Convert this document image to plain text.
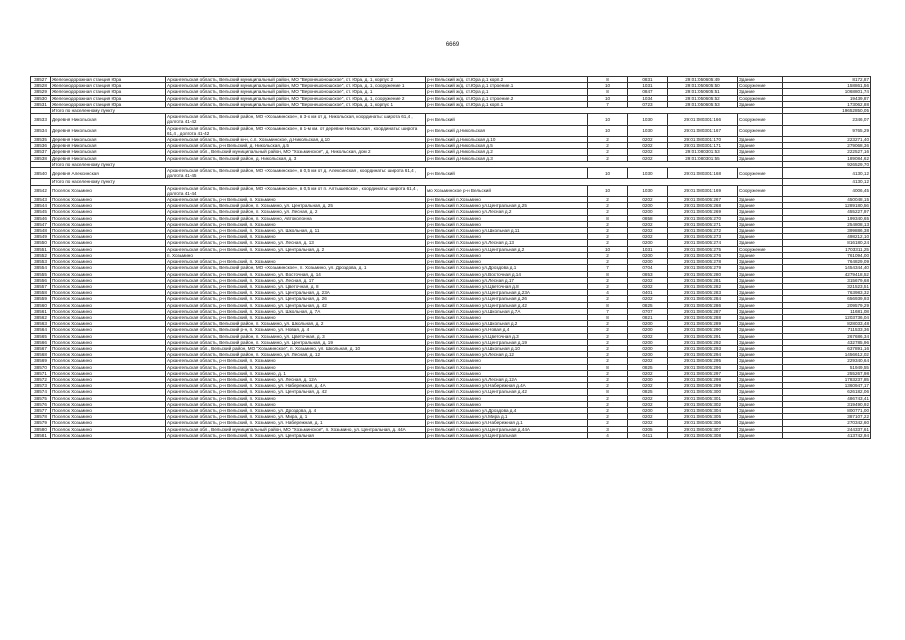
6669
38527	Железнодорожная станция Юра	Архангельская область, Вельский муниципальный район, МО "Верхнешоношское", ст. Юра, д. 1, корпус 2	р-н Вельский ж/д. ст.Юра д.1 корп.2	8	0831	29:01:050605:49	Здание	8172,87
38528	Железнодорожная станция Юра	Архангельская область, Вельский муниципальный район, МО "Верхнешоношское", ст. Юра, д. 1, сооружение 1	р-н Вельский ж/д. ст.Юра д.1 строение.1	10	1031	29:01:050605:50	Сооружение	158861,56
38529	Железнодорожная станция Юра	Архангельская область, Вельский муниципальный район, МО "Верхнешоношское", ст. Юра, д. 1	р-н Вельский ж/д. ст.Юра д.1	8	0847	29:01:050605:51	Здание	1068801,74
38530	Железнодорожная станция Юра	Архангельская область, Вельский муниципальный район, МО "Верхнешоношское", ст. Юра, д. 1, сооружение 2	р-н Вельский ж/д. ст.Юра д.1 строение.2	10	1034	29:01:050605:52	Сооружение	19439,87
38531	Железнодорожная станция Юра	Архангельская область, Вельский муниципальный район, МО "Верхнешоношское", ст. Юра, д. 1, корпус 1	р-н Вельский ж/д. ст.Юра д.1 корп.1	7	0723	29:01:050605:53	Здание	173062,88
	Итого по населенному пункту							19652850,05
38533	Деревня Никольская	Архангельская область, Вельский район, МО «Хозьминское», в 3-х км от д. Никольская, координаты: широта 61,4 , долгота 41-42	р-н Вельский	10	1030	29:01:080301:166	Сооружение	2346,07
38534	Деревня Никольская	Архангельская область, Вельский район, МО «Хозьминское», в 1-м км. от деревни Никольская , координаты: широта 61,4 , долгота 41-42	р-н Вельский д.Никольская	10	1030	29:01:080301:167	Сооружение	9765,29
38535	Деревня Никольская	Архангельская область, Вельский м-н, с.п. Хозьминское, д.Никольская, д.10	р-н Вельский д.Никольская д.10	2	0202	29:01:080301:170	Здание	223271,40
38536	Деревня Никольская	Архангельская область, р-н Вельский, д. Никольская, д.5	р-н Вельский д.Никольская д.5	2	0202	29:01:080301:171	Здание	279068,36
38537	Деревня Никольская	Архангельская обл., Вельский муниципальный район, МО "Хозьминское", д. Никольская, дом 2	р-н Вельский д.Никольская д.2	2	0202	29:01:080301:53	Здание	222527,16
38538	Деревня Никольская	Архангельская область, Вельский район, д. Никольская, д. 3	р-н Вельский д.Никольская д.3	2	0202	29:01:080301:55	Здание	189084,62
	Итого по населенному пункту							926529,70
38540	Деревня Алексинская	Архангельская область, Вельский район, МО «Хозьминское», в 0,5 км от д. Алексинская , координаты: широта 61,4 , долгота 41-45	р-н Вельский	10	1030	29:01:080301:168	Сооружение	4130,12
	Итого по населенному пункту							4130,12
38542	Поселок Хозьмино	Архангельская область, Вельский район, МО «Хозьминское», в 0,5 км от п. Алтышевское , координаты: широта 61,4 , долгота 41-44	мо Хозьминское р-н Вельский	10	1030	29:01:080301:169	Сооружение	4006,45
38543	Поселок Хозьмино	Архангельская область, р-н Вельский, п. Хозьмино	р-н Вельский п.Хозьмино	2	0202	29:01:080405:267	Здание	450048,15
38544	Поселок Хозьмино	Архангельская область, Вельский район, п. Хозьмино, ул. Центральная, д. 25	р-н Вельский п.Хозьмино ул.Центральная д.25	2	0200	29:01:080405:268	Здание	1289180,56
38545	Поселок Хозьмино	Архангельская область, Вельский район, п. Хозьмино, ул. Лесная, д. 2	р-н Вельский п.Хозьмино ул.Лесная д.2	2	0200	29:01:080405:269	Здание	455227,97
38546	Поселок Хозьмино	Архангельская область, Вельский район, п. Хозьмино, Автоколонна	р-н Вельский п.Хозьмино	8	0858	29:01:080405:270	Здание	199340,65
38547	Поселок Хозьмино	Архангельская область, р-н Вельский, п. Хозьмино	р-н Вельский п.Хозьмино	2	0202	29:01:080405:271	Здание	254808,13
38548	Поселок Хозьмино	Архангельская область, р-н Вельский, п. Хозьмино, ул. Школьная, д. 11	р-н Вельский п.Хозьмино ул.Школьная д.11	2	0202	29:01:080405:272	Здание	399886,38
38549	Поселок Хозьмино	Архангельская область, р-н Вельский, п. Хозьмино	р-н Вельский п.Хозьмино	2	0202	29:01:080405:273	Здание	498212,10
38550	Поселок Хозьмино	Архангельская область, р-н Вельский, п. Хозьмино, ул. Лесная, д. 13	р-н Вельский п.Хозьмино ул.Лесная д.13	2	0200	29:01:080405:274	Здание	816180,24
38551	Поселок Хозьмино	Архангельская область, р-н Вельский, п. Хозьмино, ул. Центральная, д. 2	р-н Вельский п.Хозьмино ул.Центральная д.2	10	1031	29:01:080405:275	Сооружение	1703311,25
38552	Поселок Хозьмино	п. Хозьмино	р-н Вельский п.Хозьмино	2	0200	29:01:080405:276	Здание	761094,00
38553	Поселок Хозьмино	Архангельская область, р-н Вельский, п. Хозьмино	р-н Вельский п.Хозьмино	2	0200	29:01:080405:278	Здание	764829,09
38554	Поселок Хозьмино	Архангельская область, Вельский район, МО «Хозьминское», п. Хозьмино, ул. Дроздова, д. 1	р-н Вельский п.Хозьмино ул.Дроздова д.1	7	0704	29:01:080405:279	Здание	1454344,40
38555	Поселок Хозьмино	Архангельская область, р-н Вельский, п. Хозьмино, ул. Восточная, д. 14	р-н Вельский п.Хозьмино ул.Восточная д.14	8	0853	29:01:080405:280	Здание	4279418,52
38556	Поселок Хозьмино	Архангельская область, р-н Вельский, п. Хозьмино, ул. Лесная, д. 17	р-н Вельский п.Хозьмино ул.Лесная д.17	2	0202	29:01:080405:281	Здание	315679,68
38557	Поселок Хозьмино	Архангельская область, р-н Вельский, п. Хозьмино, ул. Цветочная, д. 8	р-н Вельский п.Хозьмино ул.Цветочная д.8	2	0202	29:01:080405:282	Здание	321523,51
38558	Поселок Хозьмино	Архангельская область, р-н Вельский, п. Хозьмино, ул. Центральная, д. 23А	р-н Вельский п.Хозьмино ул.Центральная д.23А	4	0401	29:01:080405:283	Здание	763983,32
38559	Поселок Хозьмино	Архангельская область, р-н Вельский, п. Хозьмино, ул. Центральная, д. 26	р-н Вельский п.Хозьмино ул.Центральная д.26	2	0202	29:01:080405:284	Здание	656939,93
38560	Поселок Хозьмино	Архангельская область, р-н Вельский, п. Хозьмино, ул. Центральная, д. 42	р-н Вельский п.Хозьмино ул.Центральная д.42	8	0825	29:01:080405:286	Здание	209579,29
38561	Поселок Хозьмино	Архангельская область, р-н Вельский, п. Хозьмино, ул. Школьная, д. 7А	р-н Вельский п.Хозьмино ул.Школьная д.7А	7	0707	29:01:080405:287	Здание	11681,08
38562	Поселок Хозьмино	Архангельская область, р-н Вельский, п. Хозьмино	р-н Вельский п.Хозьмино	8	0821	29:01:080405:288	Здание	1203736,04
38563	Поселок Хозьмино	Архангельская область, Вельский район, п. Хозьмино, ул. Школьная, д. 2	р-н Вельский п.Хозьмино ул.Школьная д.2	2	0200	29:01:080405:289	Здание	828033,48
38564	Поселок Хозьмино	Архангельская область, Вельский р-н, п. Хозьмино, ул. Новая, д. 4	р-н Вельский п.Хозьмино ул.Новая д.4	2	0200	29:01:080405:290	Здание	711533,36
38565	Поселок Хозьмино	Архангельская область, Вельский район, п. Хозьмино, ул. Цветочная, д. 3	р-н Вельский п.Хозьмино ул.Цветочная д.3	2	0202	29:01:080405:291	Здание	267686,34
38566	Поселок Хозьмино	Архангельская область, Вельский район, п. Хозьмино, ул. Центральная, д. 19	р-н Вельский п.Хозьмино ул.Центральная д.19	2	0200	29:01:080405:292	Здание	432785,96
38567	Поселок Хозьмино	Архангельская обл., Вельский район, МО "Хозьминское", п. Хозьмино, ул. Школьная, д. 10	р-н Вельский п.Хозьмино ул.Школьная д.10	2	0200	29:01:080405:293	Здание	637891,16
38568	Поселок Хозьмино	Архангельская область, Вельский район, п. Хозьмино, ул. Лесная, д. 12	р-н Вельский п.Хозьмино ул.Лесная д.12	2	0200	29:01:080405:294	Здание	1456612,02
38569	Поселок Хозьмино	Архангельская область, р-н Вельский, п. Хозьмино	р-н Вельский п.Хозьмино	2	0202	29:01:080405:295	Здание	229340,64
38570	Поселок Хозьмино	Архангельская область, р-н Вельский, п. Хозьмино	р-н Вельский п.Хозьмино	8	0825	29:01:080405:296	Здание	51949,55
38571	Поселок Хозьмино	Архангельская область, р-н Вельский, п. Хозьмино, д. 1	р-н Вельский п.Хозьмино	2	0202	29:01:080405:297	Здание	255267,98
38572	Поселок Хозьмино	Архангельская область, р-н Вельский, п. Хозьмино, ул. Лесная, д. 12А	р-н Вельский п.Хозьмино ул.Лесная д.12А	2	0200	29:01:080405:298	Здание	1783237,85
38573	Поселок Хозьмино	Архангельская область, р-н Вельский, п. Хозьмино, ул. Набережная, д. 4А	р-н Вельский п.Хозьмино ул.Набережная д.4А	2	0202	29:01:080405:299	Здание	1360947,17
38574	Поселок Хозьмино	Архангельская область, р-н Вельский, п. Хозьмино, ул. Центральная, д. 42	р-н Вельский п.Хозьмино ул.Центральная д.42	8	0825	29:01:080405:300	Здание	626182,06
38575	Поселок Хозьмино	Архангельская область, р-н Вельский, п. Хозьмино	р-н Вельский п.Хозьмино	2	0202	29:01:080405:301	Здание	486743,41
38576	Поселок Хозьмино	Архангельская область, р-н Вельский, п. Хозьмино	р-н Вельский п.Хозьмино	2	0202	29:01:080405:302	Здание	319490,92
38577	Поселок Хозьмино	Архангельская область, р-н Вельский, п. Хозьмино, ул. Дроздова, д. 4	р-н Вельский п.Хозьмино ул.Дроздова д.4	2	0200	29:01:080405:304	Здание	800771,00
38578	Поселок Хозьмино	Архангельская область, р-н Вельский, п. Хозьмино, ул. Мира, д. 1	р-н Вельский п.Хозьмино ул.Мира д.1	2	0202	29:01:080405:305	Здание	387107,22
38579	Поселок Хозьмино	Архангельская область, р-н Вельский, п. Хозьмино, ул. Набережная, д. 1	р-н Вельский п.Хозьмино ул.Набережная д.1	2	0202	29:01:080405:306	Здание	270342,60
38580	Поселок Хозьмино	Архангельская обл., Вельский муниципальный район, МО "Хозьминское", п. Хозьмино, ул. Центральная, д. 44А	р-н Вельский п.Хозьмино ул.Центральная д.44А	3	0305	29:01:080405:307	Здание	244337,61
38581	Поселок Хозьмино	Архангельская область, р-н Вельский, п. Хозьмино, ул. Центральная	р-н Вельский п.Хозьмино ул.Центральная	4	0411	29:01:080405:308	Здание	413742,94
